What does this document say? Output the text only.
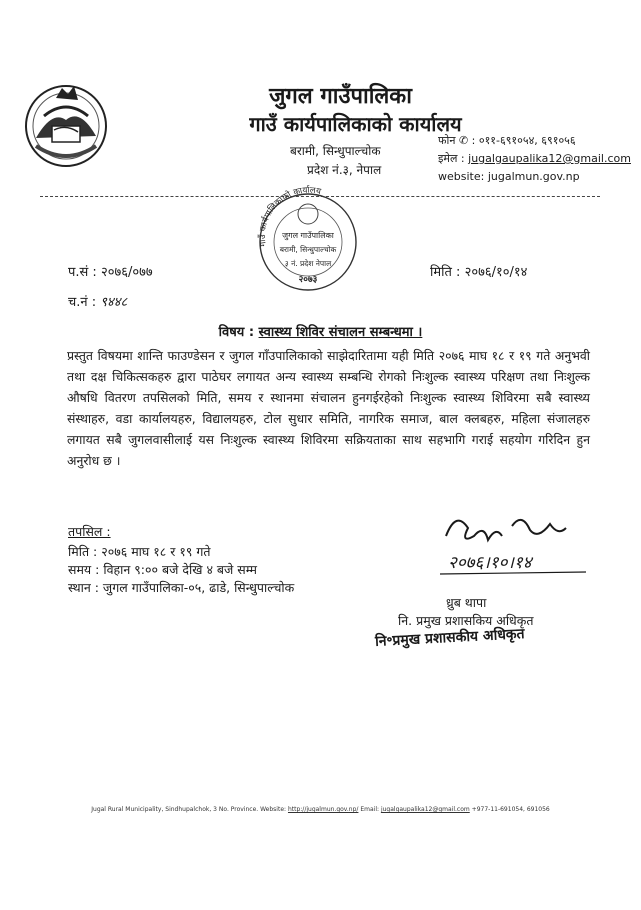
जुगल गाउँपालिका
गाउँ कार्यपालिकाको कार्यालय
बरामी, सिन्धुपाल्चोक
प्रदेश नं.३, नेपाल
फोन ✆ : ०११-६९१०५४, ६९१०५६
इमेल : jugalgaupalika12@gmail.com
website: jugalmun.gov.np
गाउँ कार्यपालिकाको कार्यालय
जुगल गाउँपालिका
बरामी, सिन्धुपाल्चोक
३ नं. प्रदेश नेपाल
२०७३
प.सं : २०७६/०७७	मिति : २०७६/१०/१४
च.नं : ९४४८
विषय : स्वास्थ्य शिविर संचालन सम्बन्धमा ।
प्रस्तुत विषयमा शान्ति फाउण्डेसन र जुगल गाँउपालिकाको साझेदारितामा यही मिति २०७६ माघ १८ र १९ गते अनुभवी तथा दक्ष चिकित्सकहरु द्वारा पाठेघर लगायत अन्य स्वास्थ्य सम्बन्धि रोगको निःशुल्क स्वास्थ्य परिक्षण तथा निःशुल्क औषधि वितरण तपसिलको मिति, समय र स्थानमा संचालन हुनगईरहेको निःशुल्क स्वास्थ्य शिविरमा सबै स्वास्थ्य संस्थाहरु, वडा कार्यालयहरु, विद्यालयहरु, टोल सुधार समिति, नागरिक समाज, बाल क्लबहरु, महिला संजालहरु लगायत सबै जुगलवासीलाई यस निःशुल्क स्वास्थ्य शिविरमा सक्रियताका साथ सहभागि गराई सहयोग गरिदिन हुन अनुरोध छ ।
तपसिल :
मिति : २०७६ माघ १८ र १९ गते
समय : विहान ९:०० बजे देखि ४ बजे सम्म
स्थान : जुगल गाउँपालिका-०५, ढाडे, सिन्धुपाल्चोक
२०७६।१०।१४
ध्रुब थापा
नि. प्रमुख प्रशासकिय अधिकृत
नि॰प्रमुख प्रशासकीय अधिकृत
Jugal Rural Municipality, Sindhupalchok, 3 No. Province. Website: http://jugalmun.gov.np/ Email: jugalgaupalika12@gmail.com +977-11-691054, 691056
